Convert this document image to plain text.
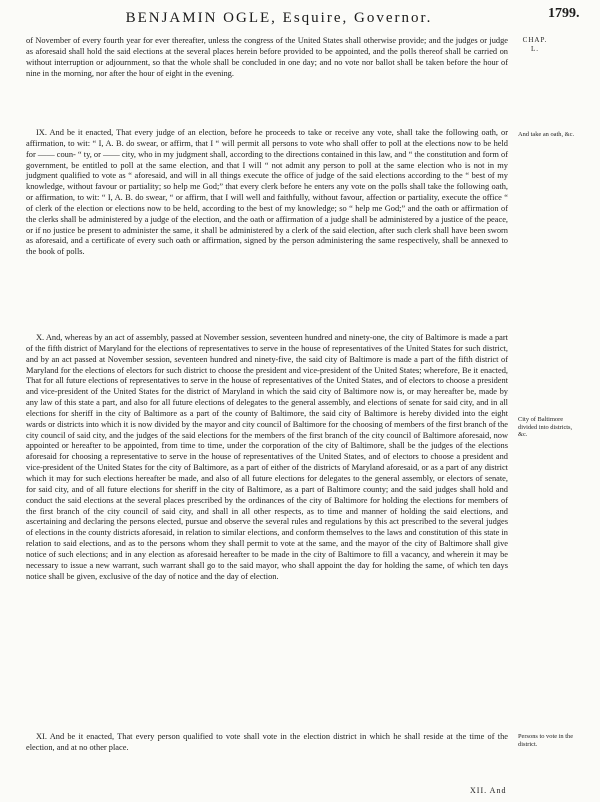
BENJAMIN OGLE, Esquire, Governor.	1799.
CHAP.
L.

of November of every fourth year for ever thereafter, unless the congress of the United States shall otherwise provide; and the judges or judge as aforesaid shall hold the said elections at the several places herein before provided to be appointed, and the polls thereof shall be carried on without interruption or adjournment, so that the whole shall be concluded in one day; and no vote nor ballot shall be taken before the hour of nine in the morning, nor after the hour of eight in the evening.

IX. And be it enacted, That every judge of an election, before he proceeds to take or receive any vote, shall take the following oath, or affirmation, to wit: “ I, A. B. do swear, or affirm, that I “ will permit all persons to vote who shall offer to poll at the elections now to be held for —— coun- “ ty, or —— city, who in my judgment shall, according to the directions contained in this law, and “ the constitution and form of government, be entitled to poll at the same election, and that I will “ not admit any person to poll at the same election who is not in my judgment qualified to vote as “ aforesaid, and will in all things execute the office of judge of the said elections according to the “ best of my knowledge, without favour or partiality; so help me God;” that every clerk before he enters any vote on the polls shall take the following oath, or affirmation, to wit: “ I, A. B. do swear, “ or affirm, that I will well and faithfully, without favour, affection or partiality, execute the office “ of clerk of the election or elections now to be held, according to the best of my knowledge; so “ help me God;” and the oath or affirmation of the clerks shall be administered by a judge of the election, and the oath or affirmation of a judge shall be administered by a justice of the peace, or if no justice be present to administer the same, it shall be administered by a clerk of the said election, after such clerk shall have been sworn as aforesaid, and a certificate of every such oath or affirmation, signed by the person administering the same respectively, shall be annexed to the book of polls.

X. And, whereas by an act of assembly, passed at November session, seventeen hundred and ninety-one, the city of Baltimore is made a part of the fifth district of Maryland for the elections of representatives to serve in the house of representatives of the United States for such district, and by an act passed at November session, seventeen hundred and ninety-five, the said city of Baltimore is made a part of the fifth district of Maryland for the elections of electors for such district to choose the president and vice-president of the United States; wherefore, Be it enacted, That for all future elections of representatives to serve in the house of representatives of the United States, and of electors to choose a president and vice-president of the United States for the district of Maryland in which the said city of Baltimore now is, or may hereafter be, made by any law of this state a part, and also for all future elections of delegates to the general assembly, and elections of senate for said city, and in all elections for sheriff in the city of Baltimore as a part of the county of Baltimore, the said city of Baltimore is hereby divided into the eight wards or districts into which it is now divided by the mayor and city council of Baltimore for the choosing of members of the first branch of the city council of said city, and the judges of the said elections for the members of the first branch of the city council of Baltimore aforesaid, now appointed or hereafter to be appointed, from time to time, under the corporation of the city of Baltimore, shall be the judges of the elections aforesaid for choosing a representative to serve in the house of representatives of the United States, and of electors to choose a president and vice-president of the United States for the city of Baltimore, as a part of either of the districts of Maryland aforesaid, or as a part of any district which it may for such elections hereafter be made, and also of all future elections for delegates to the general assembly, or electors of senate, for said city, and of all future elections for sheriff in the city of Baltimore, as a part of Baltimore county; and the said judges shall hold and conduct the said elections at the several places prescribed by the ordinances of the city of Baltimore for holding the elections for members of the first branch of the city council of said city, and shall in all other respects, as to time and manner of holding the said elections, and ascertaining and declaring the persons elected, pursue and observe the several rules and regulations by this act prescribed to the several judges of elections in the county districts aforesaid, in relation to similar elections, and conform themselves to the laws and constitution of this state in relation to said elections, and as to the persons whom they shall permit to vote at the same, and the mayor of the city of Baltimore shall give notice of such elections; and in any election as aforesaid hereafter to be made in the city of Baltimore to fill a vacancy, and wherein it may be necessary to issue a new warrant, such warrant shall go to the said mayor, who shall appoint the day for holding the same, of which ten days notice shall be given, exclusive of the day of notice and the day of election.

XI. And be it enacted, That every person qualified to vote shall vote in the election district in which he shall reside at the time of the election, and at no other place.

And take an oath, &c.
City of Baltimore divided into districts, &c.
Persons to vote in the district.
XII. And
